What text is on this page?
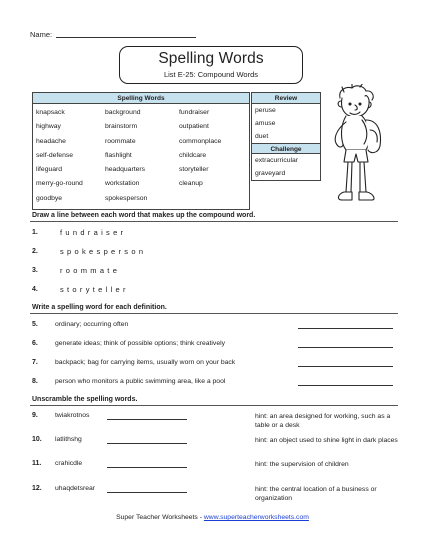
Name:
Spelling Words
List E-25: Compound Words
Spelling Words
knapsack	background	fundraiser
highway	brainstorm	outpatient
headache	roommate	commonplace
self-defense	flashlight	childcare
lifeguard	headquarters	storyteller
merry-go-round	workstation	cleanup
goodbye	spokesperson
Review
peruse
amuse
duet
Challenge
extracurricular
graveyard
Draw a line between each word that makes up the compound word.
1.	fundraiser
2.	spokesperson
3.	roommate
4.	storyteller
Write a spelling word for each definition.
5.	ordinary; occurring often
6.	generate ideas; think of possible options; think creatively
7.	backpack; bag for carrying items, usually worn on your back
8.	person who monitors a public swimming area, like a pool
Unscramble the spelling words.
9.	twiakrotnos	hint: an area designed for working, such as a table or a desk
10. latlithshg	hint: an object used to shine light in dark places
11. crahicdle	hint: the supervision of children
12. uhaqdetsrear	hint: the central location of a business or organization
Super Teacher Worksheets - www.superteacherworksheets.com
